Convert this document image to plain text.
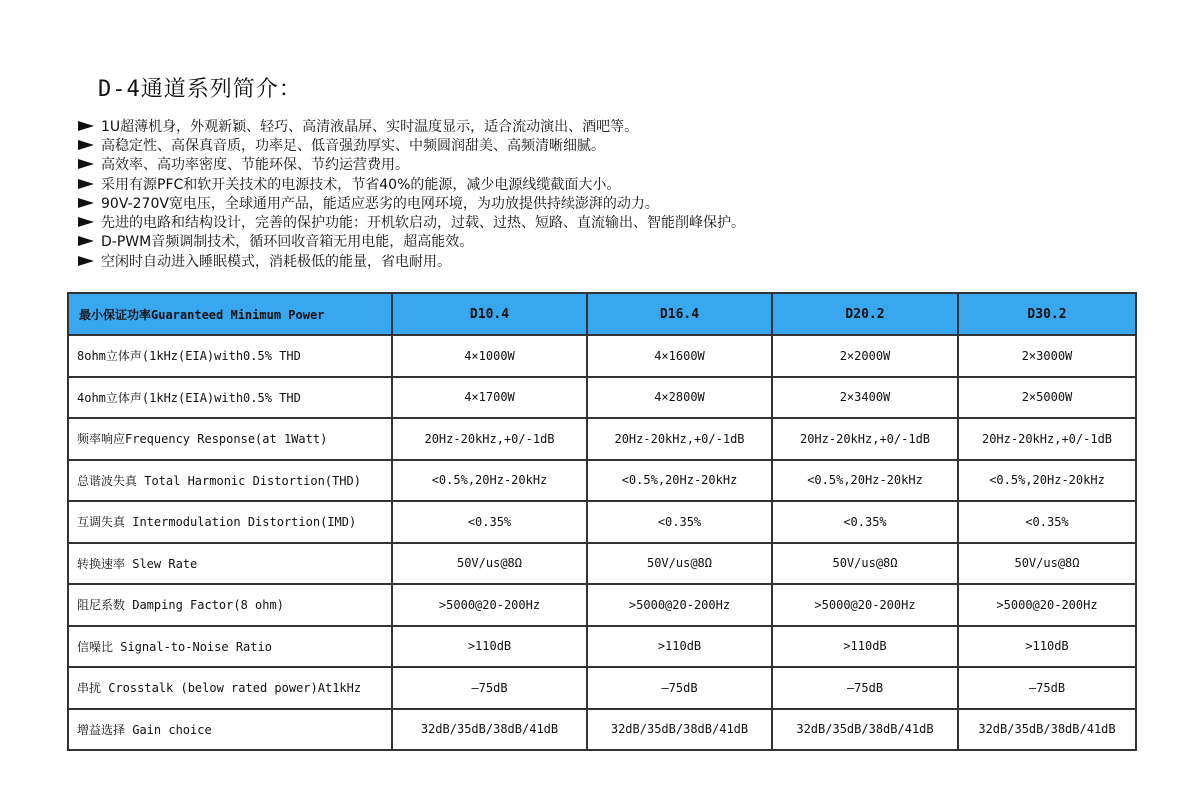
D-4通道系列简介：
1U超薄机身，外观新颖、轻巧、高清液晶屏、实时温度显示，适合流动演出、酒吧等。
高稳定性、高保真音质，功率足、低音强劲厚实、中频圆润甜美、高频清晰细腻。
高效率、高功率密度、节能环保、节约运营费用。
采用有源PFC和软开关技术的电源技术，节省40%的能源，减少电源线缆截面大小。
90V-270V宽电压，全球通用产品，能适应恶劣的电网环境，为功放提供持续澎湃的动力。
先进的电路和结构设计，完善的保护功能：开机软启动，过载、过热、短路、直流输出、智能削峰保护。
D-PWM音频调制技术，循环回收音箱无用电能，超高能效。
空闲时自动进入睡眠模式，消耗极低的能量，省电耐用。
最小保证功率Guaranteed Minimum Power	D10.4	D16.4	D20.2	D30.2
8ohm立体声(1kHz(EIA)with0.5% THD	4×1000W	4×1600W	2×2000W	2×3000W
4ohm立体声(1kHz(EIA)with0.5% THD	4×1700W	4×2800W	2×3400W	2×5000W
频率响应Frequency Response(at 1Watt)	20Hz-20kHz,+0/-1dB	20Hz-20kHz,+0/-1dB	20Hz-20kHz,+0/-1dB	20Hz-20kHz,+0/-1dB
总谐波失真 Total Harmonic Distortion(THD)	<0.5%,20Hz-20kHz	<0.5%,20Hz-20kHz	<0.5%,20Hz-20kHz	<0.5%,20Hz-20kHz
互调失真 Intermodulation Distortion(IMD)	<0.35%	<0.35%	<0.35%	<0.35%
转换速率 Slew Rate	50V/us@8Ω	50V/us@8Ω	50V/us@8Ω	50V/us@8Ω
阻尼系数 Damping Factor(8 ohm)	>5000@20-200Hz	>5000@20-200Hz	>5000@20-200Hz	>5000@20-200Hz
信噪比 Signal-to-Noise Ratio	>110dB	>110dB	>110dB	>110dB
串扰 Crosstalk (below rated power)At1kHz	—75dB	—75dB	—75dB	—75dB
增益选择 Gain choice	32dB/35dB/38dB/41dB	32dB/35dB/38dB/41dB	32dB/35dB/38dB/41dB	32dB/35dB/38dB/41dB
